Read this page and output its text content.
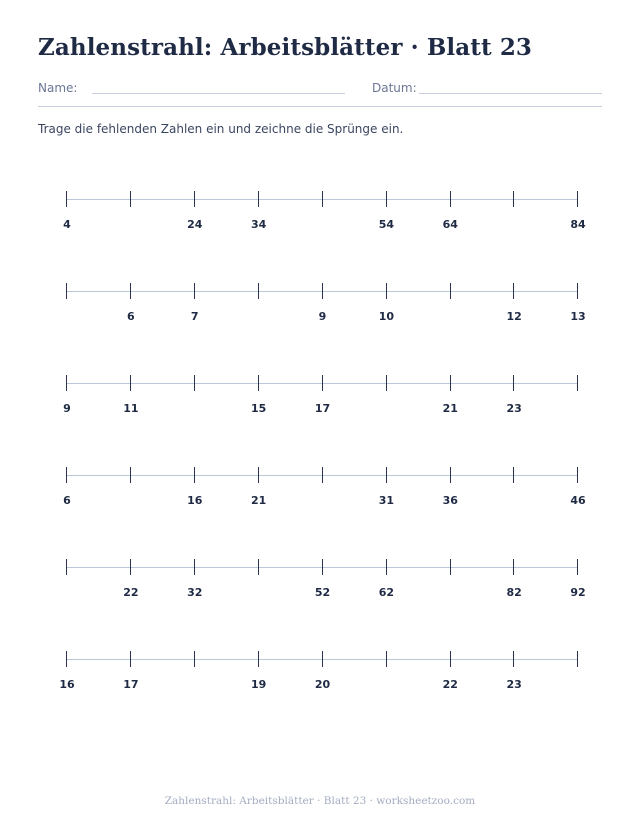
Zahlenstrahl: Arbeitsblätter · Blatt 23
Name:	Datum:
Trage die fehlenden Zahlen ein und zeichne die Sprünge ein.
4	24	34	54	64	84
6	7	9	10	12	13
9	11	15	17	21	23
6	16	21	31	36	46
22	32	52	62	82	92
16	17	19	20	22	23
Zahlenstrahl: Arbeitsblätter · Blatt 23 · worksheetzoo.com
